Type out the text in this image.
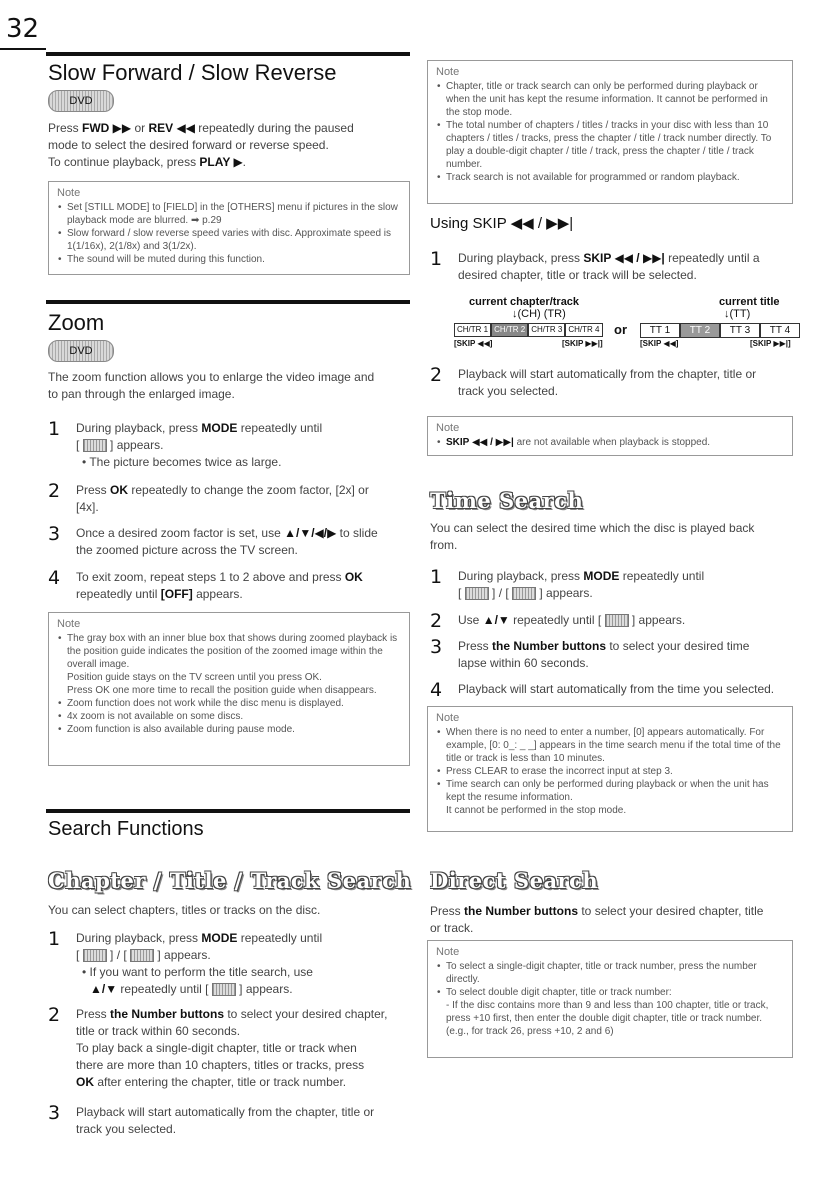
32
Slow Forward / Slow Reverse
DVD
Press FWD ▶▶ or REV ◀◀ repeatedly during the paused
mode to select the desired forward or reverse speed.
To continue playback, press PLAY ▶.
Note
• Set [STILL MODE] to [FIELD] in the [OTHERS] menu if pictures in the slow playback mode are blurred. ➡ p.29
• Slow forward / slow reverse speed varies with disc. Approximate speed is 1(1/16x), 2(1/8x) and 3(1/2x).
• The sound will be muted during this function.
Zoom
DVD
The zoom function allows you to enlarge the video image and
to pan through the enlarged image.
1 During playback, press MODE repeatedly until
[	] appears.
• The picture becomes twice as large.
2 Press OK repeatedly to change the zoom factor, [2x] or
[4x].
3 Once a desired zoom factor is set, use ▲/▼/◀/▶ to slide
the zoomed picture across the TV screen.
4 To exit zoom, repeat steps 1 to 2 above and press OK
repeatedly until [OFF] appears.
Note
• The gray box with an inner blue box that shows during zoomed playback is the position guide indicates the position of the zoomed image within the overall image.
Position guide stays on the TV screen until you press OK.
Press OK one more time to recall the position guide when disappears.
• Zoom function does not work while the disc menu is displayed.
• 4x zoom is not available on some discs.
• Zoom function is also available during pause mode.
Search Functions
Chapter / Title / Track Search
You can select chapters, titles or tracks on the disc.
1 During playback, press MODE repeatedly until
[	] / [	] appears.
• If you want to perform the title search, use
▲/▼ repeatedly until [	] appears.
2 Press the Number buttons to select your desired chapter,
title or track within 60 seconds.
To play back a single-digit chapter, title or track when
there are more than 10 chapters, titles or tracks, press
OK after entering the chapter, title or track number.
3 Playback will start automatically from the chapter, title or
track you selected.
Note
• Chapter, title or track search can only be performed during playback or when the unit has kept the resume information. It cannot be performed in the stop mode.
• The total number of chapters / titles / tracks in your disc with less than 10 chapters / titles / tracks, press the chapter / title / track number directly. To play a double-digit chapter / title / track, press the chapter / title / track number.
• Track search is not available for programmed or random playback.
Using SKIP ◀◀ / ▶▶|
1 During playback, press SKIP ◀◀ / ▶▶| repeatedly until a
desired chapter, title or track will be selected.
current chapter/track
↓(CH) (TR)
CH/TR 1 CH/TR 2 CH/TR 3 CH/TR 4
[SKIP ◀◀]	[SKIP ▶▶|]
or
current title
↓(TT)
TT 1	TT 2	TT 3	TT 4
[SKIP ◀◀]	[SKIP ▶▶|]
2 Playback will start automatically from the chapter, title or
track you selected.
Note
• SKIP ◀◀ / ▶▶| are not available when playback is stopped.
Time Search
You can select the desired time which the disc is played back
from.
1 During playback, press MODE repeatedly until
[	] / [	] appears.
2 Use ▲/▼ repeatedly until [	] appears.
3 Press the Number buttons to select your desired time
lapse within 60 seconds.
4 Playback will start automatically from the time you selected.
Note
• When there is no need to enter a number, [0] appears automatically. For example, [0: 0_: _ _] appears in the time search menu if the total time of the title or track is less than 10 minutes.
• Press CLEAR to erase the incorrect input at step 3.
• Time search can only be performed during playback or when the unit has kept the resume information.
It cannot be performed in the stop mode.
Direct Search
Press the Number buttons to select your desired chapter, title
or track.
Note
• To select a single-digit chapter, title or track number, press the number directly.
• To select double digit chapter, title or track number:
- If the disc contains more than 9 and less than 100 chapter, title or track, press +10 first, then enter the double digit chapter, title or track number.
(e.g., for track 26, press +10, 2 and 6)
